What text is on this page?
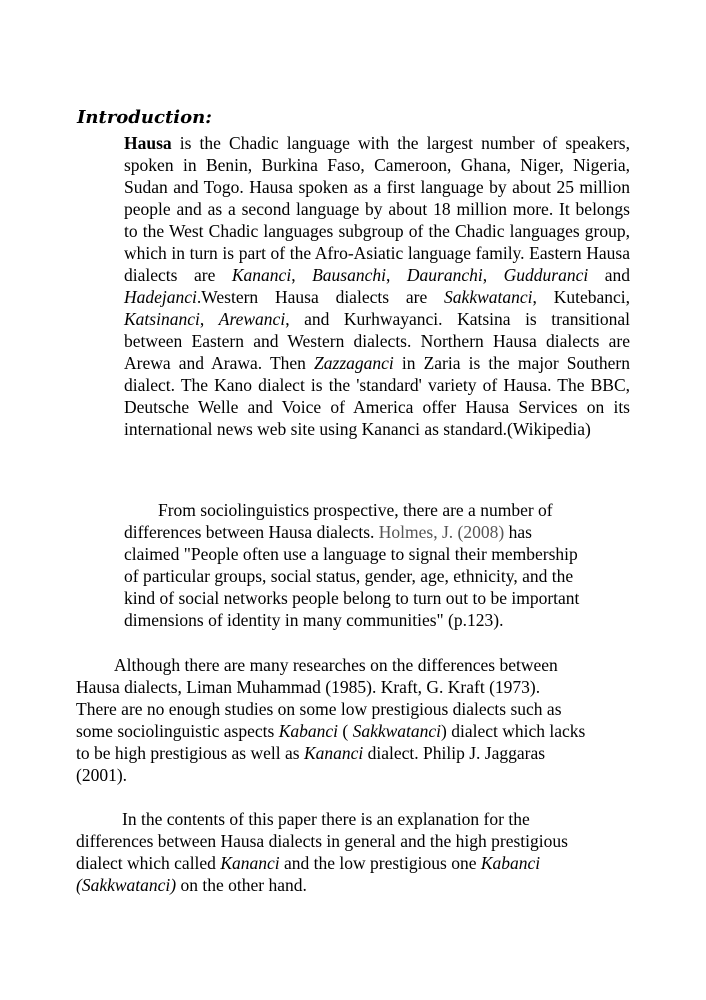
Introduction:

Hausa is the Chadic language with the largest number of speakers, spoken in Benin, Burkina Faso, Cameroon, Ghana, Niger, Nigeria, Sudan and Togo. Hausa spoken as a first language by about 25 million people and as a second language by about 18 million more. It belongs to the West Chadic languages subgroup of the Chadic languages group, which in turn is part of the Afro-Asiatic language family. Eastern Hausa dialects are Kananci, Bausanchi, Dauranchi, Gudduranci and Hadejanci.Western Hausa dialects are Sakkwatanci, Kutebanci, Katsinanci, Arewanci, and Kurhwayanci. Katsina is transitional between Eastern and Western dialects. Northern Hausa dialects are Arewa and Arawa. Then Zazzaganci in Zaria is the major Southern dialect. The Kano dialect is the 'standard' variety of Hausa. The BBC, Deutsche Welle and Voice of America offer Hausa Services on its international news web site using Kananci as standard.(Wikipedia)

From sociolinguistics prospective, there are a number of
differences between Hausa dialects. Holmes, J. (2008) has
claimed "People often use a language to signal their membership
of particular groups, social status, gender, age, ethnicity, and the
kind of social networks people belong to turn out to be important
dimensions of identity in many communities" (p.123).
Although there are many researches on the differences between
Hausa dialects, Liman Muhammad (1985). Kraft, G. Kraft (1973).
There are no enough studies on some low prestigious dialects such as
some sociolinguistic aspects Kabanci ( Sakkwatanci) dialect which lacks
to be high prestigious as well as Kananci dialect. Philip J. Jaggaras
(2001).
In the contents of this paper there is an explanation for the
differences between Hausa dialects in general and the high prestigious
dialect which called Kananci and the low prestigious one Kabanci
(Sakkwatanci) on the other hand.
